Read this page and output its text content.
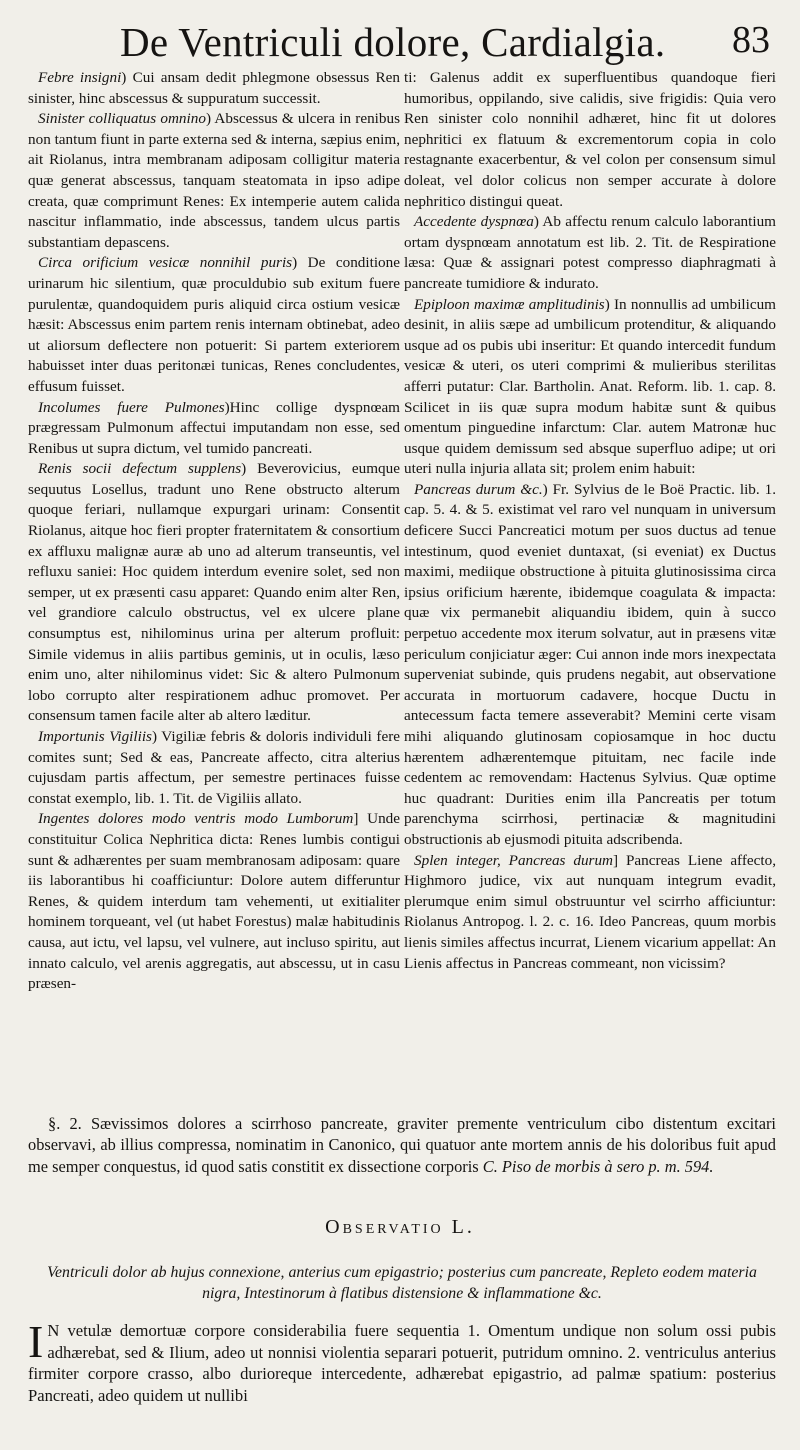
De Ventriculi dolore, Cardialgia. 83

Febre insigni) Cui ansam dedit phlegmone obsessus Ren sinister, hinc abscessus & suppuratum successit.

Sinister colliquatus omnino) Abscessus & ulcera in renibus non tantum fiunt in parte externa sed & interna, sæpius enim, ait Riolanus, intra membranam adiposam colligitur materia quæ generat abscessus, tanquam steatomata in ipso adipe creata, quæ comprimunt Renes: Ex intemperie autem calida nascitur inflammatio, inde abscessus, tandem ulcus partis substantiam depascens.

Circa orificium vesicæ nonnihil puris) De conditione urinarum hic silentium, quæ proculdubio sub exitum fuere purulentæ, quandoquidem puris aliquid circa ostium vesicæ hæsit: Abscessus enim partem renis internam obtinebat, adeo ut aliorsum deflectere non potuerit: Si partem exteriorem habuisset inter duas peritonæi tunicas, Renes concludentes, effusum fuisset.

Incolumes fuere Pulmones)Hinc collige dyspnœam prægressam Pulmonum affectui imputandam non esse, sed Renibus ut supra dictum, vel tumido pancreati.

Renis socii defectum supplens) Beverovicius, eumque sequutus Losellus, tradunt uno Rene obstructo alterum quoque feriari, nullamque expurgari urinam: Consentit Riolanus, aitque hoc fieri propter fraternitatem & consortium ex affluxu malignæ auræ ab uno ad alterum transeuntis, vel refluxu saniei: Hoc quidem interdum evenire solet, sed non semper, ut ex præsenti casu apparet: Quando enim alter Ren, vel grandiore calculo obstructus, vel ex ulcere plane consumptus est, nihilominus urina per alterum profluit: Simile videmus in aliis partibus geminis, ut in oculis, læso enim uno, alter nihilominus videt: Sic & altero Pulmonum lobo corrupto alter respirationem adhuc promovet. Per consensum tamen facile alter ab altero læditur.

Importunis Vigiliis) Vigiliæ febris & doloris individuli fere comites sunt; Sed & eas, Pancreate affecto, citra alterius cujusdam partis affectum, per semestre pertinaces fuisse constat exemplo, lib. 1. Tit. de Vigiliis allato.

Ingentes dolores modo ventris modo Lumborum] Unde constituitur Colica Nephritica dicta: Renes lumbis contigui sunt & adhærentes per suam membranosam adiposam: quare iis laborantibus hi coafficiuntur: Dolore autem differuntur Renes, & quidem interdum tam vehementi, ut exitialiter hominem torqueant, vel (ut habet Forestus) malæ habitudinis causa, aut ictu, vel lapsu, vel vulnere, aut incluso spiritu, aut innato calculo, vel arenis aggregatis, aut abscessu, ut in casu præsen-

ti: Galenus addit ex superfluentibus quandoque fieri humoribus, oppilando, sive calidis, sive frigidis: Quia vero Ren sinister colo nonnihil adhæret, hinc fit ut dolores nephritici ex flatuum & excrementorum copia in colo restagnante exacerbentur, & vel colon per consensum simul doleat, vel dolor colicus non semper accurate à dolore nephritico distingui queat.

Accedente dyspnœa) Ab affectu renum calculo laborantium ortam dyspnœam annotatum est lib. 2. Tit. de Respiratione læsa: Quæ & assignari potest compresso diaphragmati à pancreate tumidiore & indurato.

Epiploon maximæ amplitudinis) In nonnullis ad umbilicum desinit, in aliis sæpe ad umbilicum protenditur, & aliquando usque ad os pubis ubi inseritur: Et quando intercedit fundum vesicæ & uteri, os uteri comprimi & mulieribus sterilitas afferri putatur: Clar. Bartholin. Anat. Reform. lib. 1. cap. 8. Scilicet in iis quæ supra modum habitæ sunt & quibus omentum pinguedine infarctum: Clar. autem Matronæ huc usque quidem demissum sed absque superfluo adipe; ut ori uteri nulla injuria allata sit; prolem enim habuit:

Pancreas durum &c.) Fr. Sylvius de le Boë Practic. lib. 1. cap. 5. 4. & 5. existimat vel raro vel nunquam in universum deficere Succi Pancreatici motum per suos ductus ad tenue intestinum, quod eveniet duntaxat, (si eveniat) ex Ductus maximi, mediique obstructione à pituita glutinosissima circa ipsius orificium hærente, ibidemque coagulata & impacta: quæ vix permanebit aliquandiu ibidem, quin à succo perpetuo accedente mox iterum solvatur, aut in præsens vitæ periculum conjiciatur æger: Cui annon inde mors inexpectata superveniat subinde, quis prudens negabit, aut observatione accurata in mortuorum cadavere, hocque Ductu in antecessum facta temere asseverabit? Memini certe visam mihi aliquando glutinosam copiosamque in hoc ductu hærentem adhærentemque pituitam, nec facile inde cedentem ac removendam: Hactenus Sylvius. Quæ optime huc quadrant: Durities enim illa Pancreatis per totum parenchyma scirrhosi, pertinaciæ & magnitudini obstructionis ab ejusmodi pituita adscribenda.

Splen integer, Pancreas durum] Pancreas Liene affecto, Highmoro judice, vix aut nunquam integrum evadit, plerumque enim simul obstruuntur vel scirrho afficiuntur: Riolanus Antropog. l. 2. c. 16. Ideo Pancreas, quum morbis lienis similes affectus incurrat, Lienem vicarium appellat: An Lienis affectus in Pancreas commeant, non vicissim?

§. 2. Sævissimos dolores a scirrhoso pancreate, graviter premente ventriculum cibo distentum excitari observavi, ab illius compressa, nominatim in Canonico, qui quatuor ante mortem annis de his doloribus fuit apud me semper conquestus, id quod satis constitit ex dissectione corporis C. Piso de morbis à sero p. m. 594.
Observatio L.
Ventriculi dolor ab hujus connexione, anterius cum epigastrio; posterius cum pancreate, Repleto eodem materia nigra, Intestinorum à flatibus distensione & inflammatione &c.
I N vetulæ demortuæ corpore considerabilia fuere sequentia 1. Omentum undique non solum ossi pubis adhærebat, sed & Ilium, adeo ut nonnisi violentia separari potuerit, putridum omnino. 2. ventriculus anterius firmiter corpore crasso, albo durioreque intercedente, adhærebat epigastrio, ad palmæ spatium: posterius Pancreati, adeo quidem ut nullibi
